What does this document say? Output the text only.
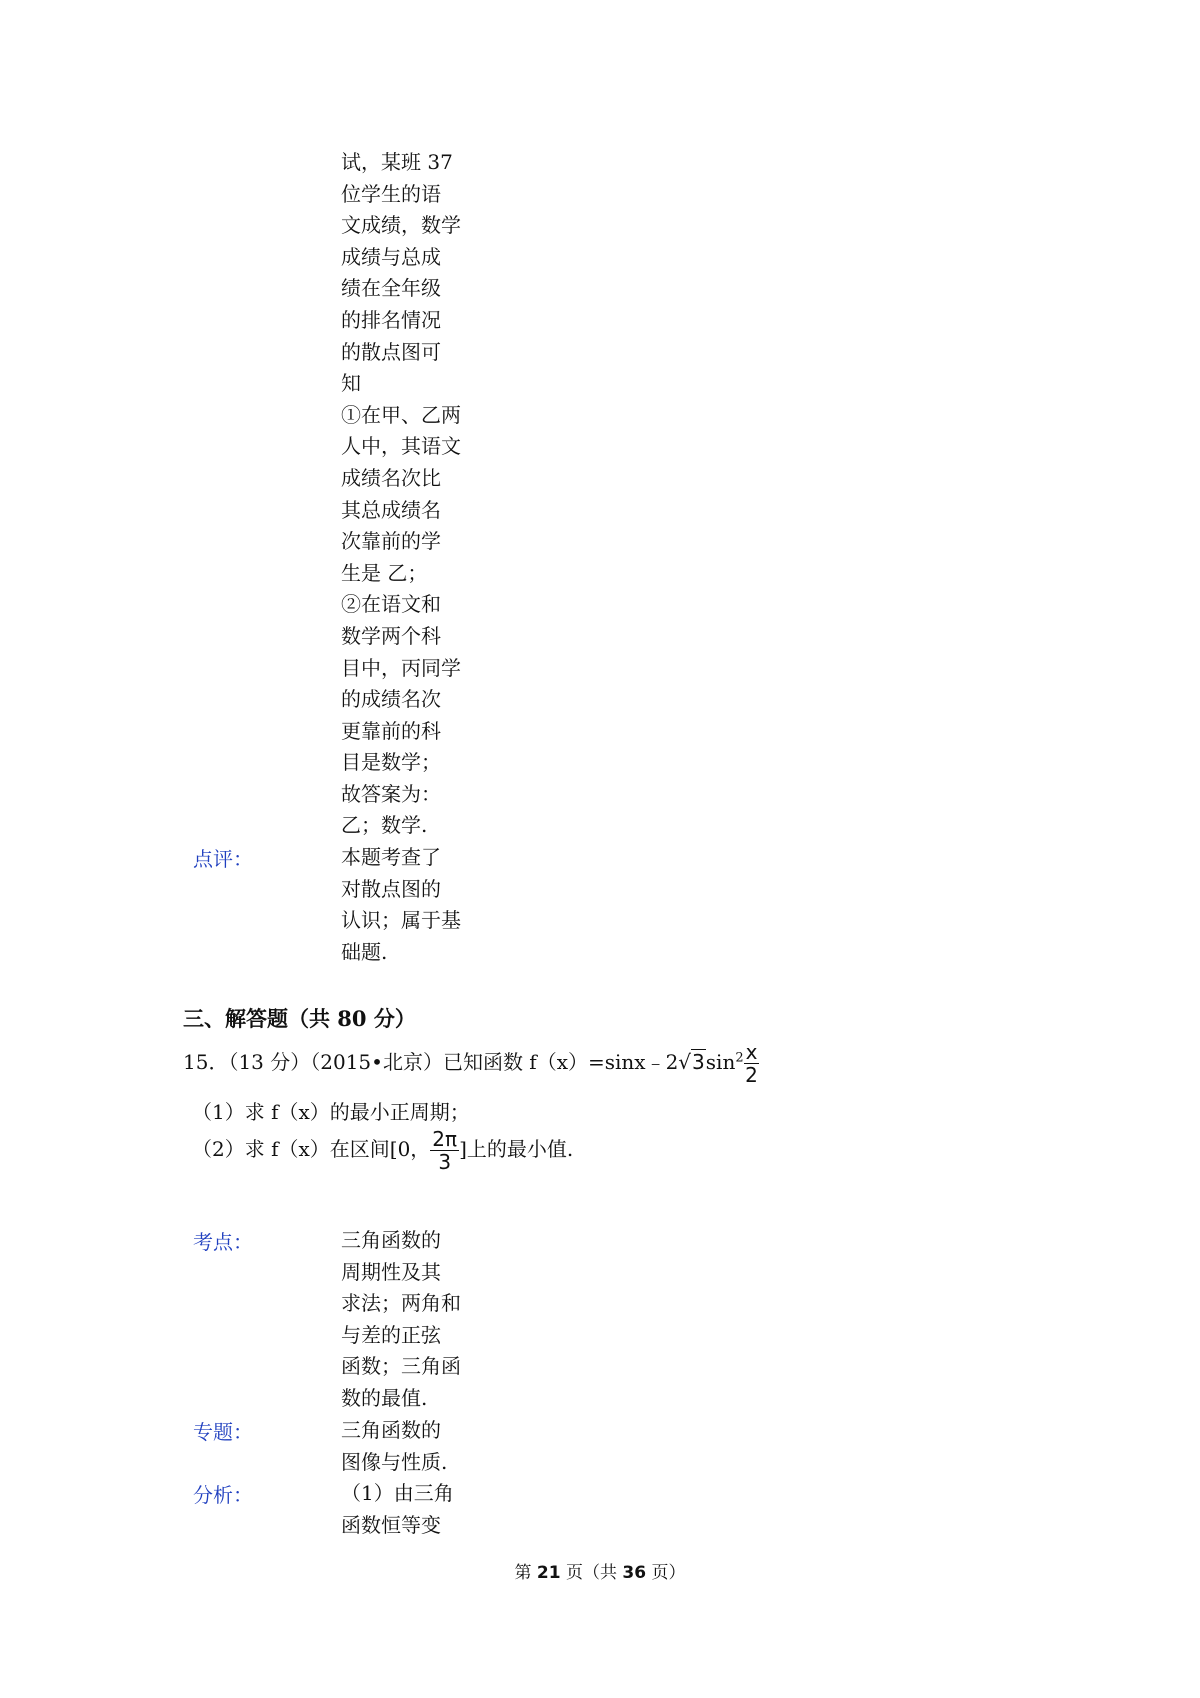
试，某班 37
位学生的语
文成绩，数学
成绩与总成
绩在全年级
的排名情况
的散点图可
知
①在甲、乙两
人中，其语文
成绩名次比
其总成绩名
次靠前的学
生是 乙；
②在语文和
数学两个科
目中，丙同学
的成绩名次
更靠前的科
目是数学；
故答案为：
乙；数学.
点评：	本题考查了
对散点图的
认识；属于基
础题.
三、解答题（共 80 分）
15．（13 分）（2015•北京）已知函数 $f(x)=\sin x﹣2√3\sin^2 \frac{x}{2}$
（1）求 f（x）的最小正周期；
（2）求 f（x）在区间[0， $\frac{2\pi}{3}$ ]上的最小值.
考点：	三角函数的
周期性及其
求法；两角和
与差的正弦
函数；三角函
数的最值.
专题：	三角函数的
图像与性质.
分析：	（1）由三角
函数恒等变
第 21 页（共 36 页）
